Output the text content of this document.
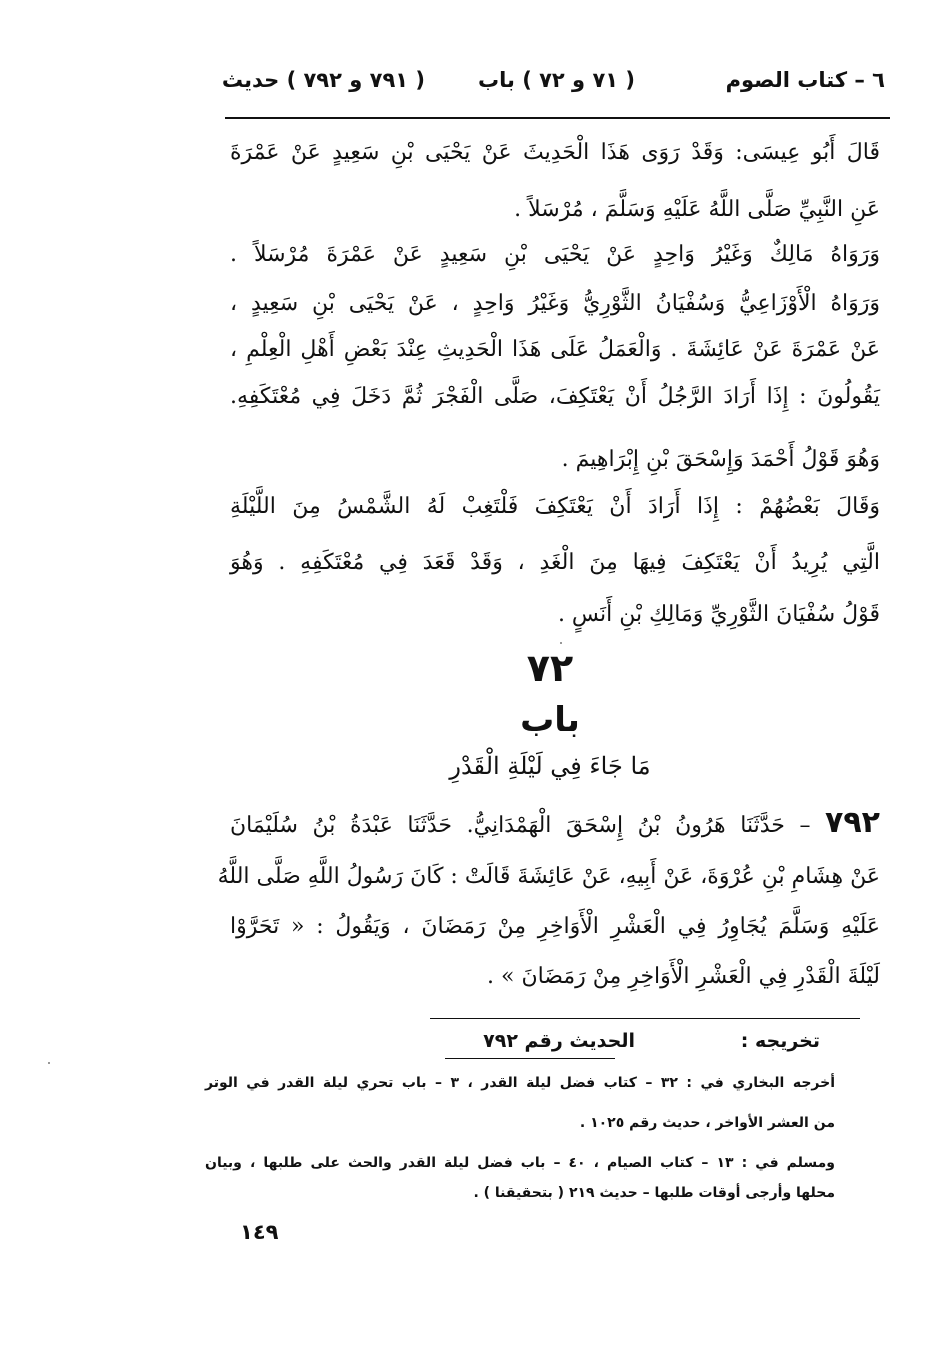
٦ – كتاب الصوم
( ٧١ و ٧٢ ) باب
( ٧٩١ و ٧٩٢ ) حديث
قَالَ أَبُو عِيسَى: وَقَدْ رَوَى هَذَا الْحَدِيثَ عَنْ يَحْيَى بْنِ سَعِيدٍ عَنْ عَمْرَةَ
عَنِ النَّبِيِّ صَلَّى اللَّهُ عَلَيْهِ وَسَلَّمَ ، مُرْسَلاً .
وَرَوَاهُ مَالِكٌ وَغَيْرُ وَاحِدٍ عَنْ يَحْيَى بْنِ سَعِيدٍ عَنْ عَمْرَةَ مُرْسَلاً .
وَرَوَاهُ الْأَوْزَاعِيُّ وَسُفْيَانُ الثَّوْرِيُّ وَغَيْرُ وَاحِدٍ ، عَنْ يَحْيَى بْنِ سَعِيدٍ ،
عَنْ عَمْرَةَ عَنْ عَائِشَةَ . وَالْعَمَلُ عَلَى هَذَا الْحَدِيثِ عِنْدَ بَعْضِ أَهْلِ الْعِلْمِ ،
يَقُولُونَ : إِذَا أَرَادَ الرَّجُلُ أَنْ يَعْتَكِفَ، صَلَّى الْفَجْرَ ثُمَّ دَخَلَ فِي مُعْتَكَفِهِ.
وَهُوَ قَوْلُ أَحْمَدَ وَإِسْحَقَ بْنِ إِبْرَاهِيمَ .
وَقَالَ بَعْضُهُمْ : إِذَا أَرَادَ أَنْ يَعْتَكِفَ فَلْتَغِبْ لَهُ الشَّمْسُ مِنَ اللَّيْلَةِ
الَّتِي يُرِيدُ أَنْ يَعْتَكِفَ فِيهَا مِنَ الْغَدِ ، وَقَدْ قَعَدَ فِي مُعْتَكَفِهِ . وَهُوَ
قَوْلُ سُفْيَانَ الثَّوْرِيِّ وَمَالِكِ بْنِ أَنَسٍ .
٧٢
باب
مَا جَاءَ فِي لَيْلَةِ الْقَدْرِ
٧٩٢ – حَدَّثَنَا هَرُونُ بْنُ إِسْحَقَ الْهَمْدَانِيُّ. حَدَّثَنَا عَبْدَةُ بْنُ سُلَيْمَانَ
عَنْ هِشَامِ بْنِ عُرْوَةَ، عَنْ أَبِيهِ، عَنْ عَائِشَةَ قَالَتْ : كَانَ رَسُولُ اللَّهِ صَلَّى اللَّهُ
عَلَيْهِ وَسَلَّمَ يُجَاوِرُ فِي الْعَشْرِ الْأَوَاخِرِ مِنْ رَمَضَانَ ، وَيَقُولُ : « تَحَرَّوْا
لَيْلَةَ الْقَدْرِ فِي الْعَشْرِ الْأَوَاخِرِ مِنْ رَمَضَانَ » .
تخريجه :
الحديث رقم ٧٩٢
أخرجه البخاري في : ٣٢ – كتاب فضل ليلة القدر ، ٣ – باب تحري ليلة القدر في الوتر
من العشر الأواخر ، حديث رقم ١٠٢٥ .
ومسلم في : ١٣ – كتاب الصيام ، ٤٠ – باب فضل ليلة القدر والحث على طلبها ، وبيان
محلها وأرجى أوقات طلبها – حديث ٢١٩ ( بتحقيقنا ) .
١٤٩
